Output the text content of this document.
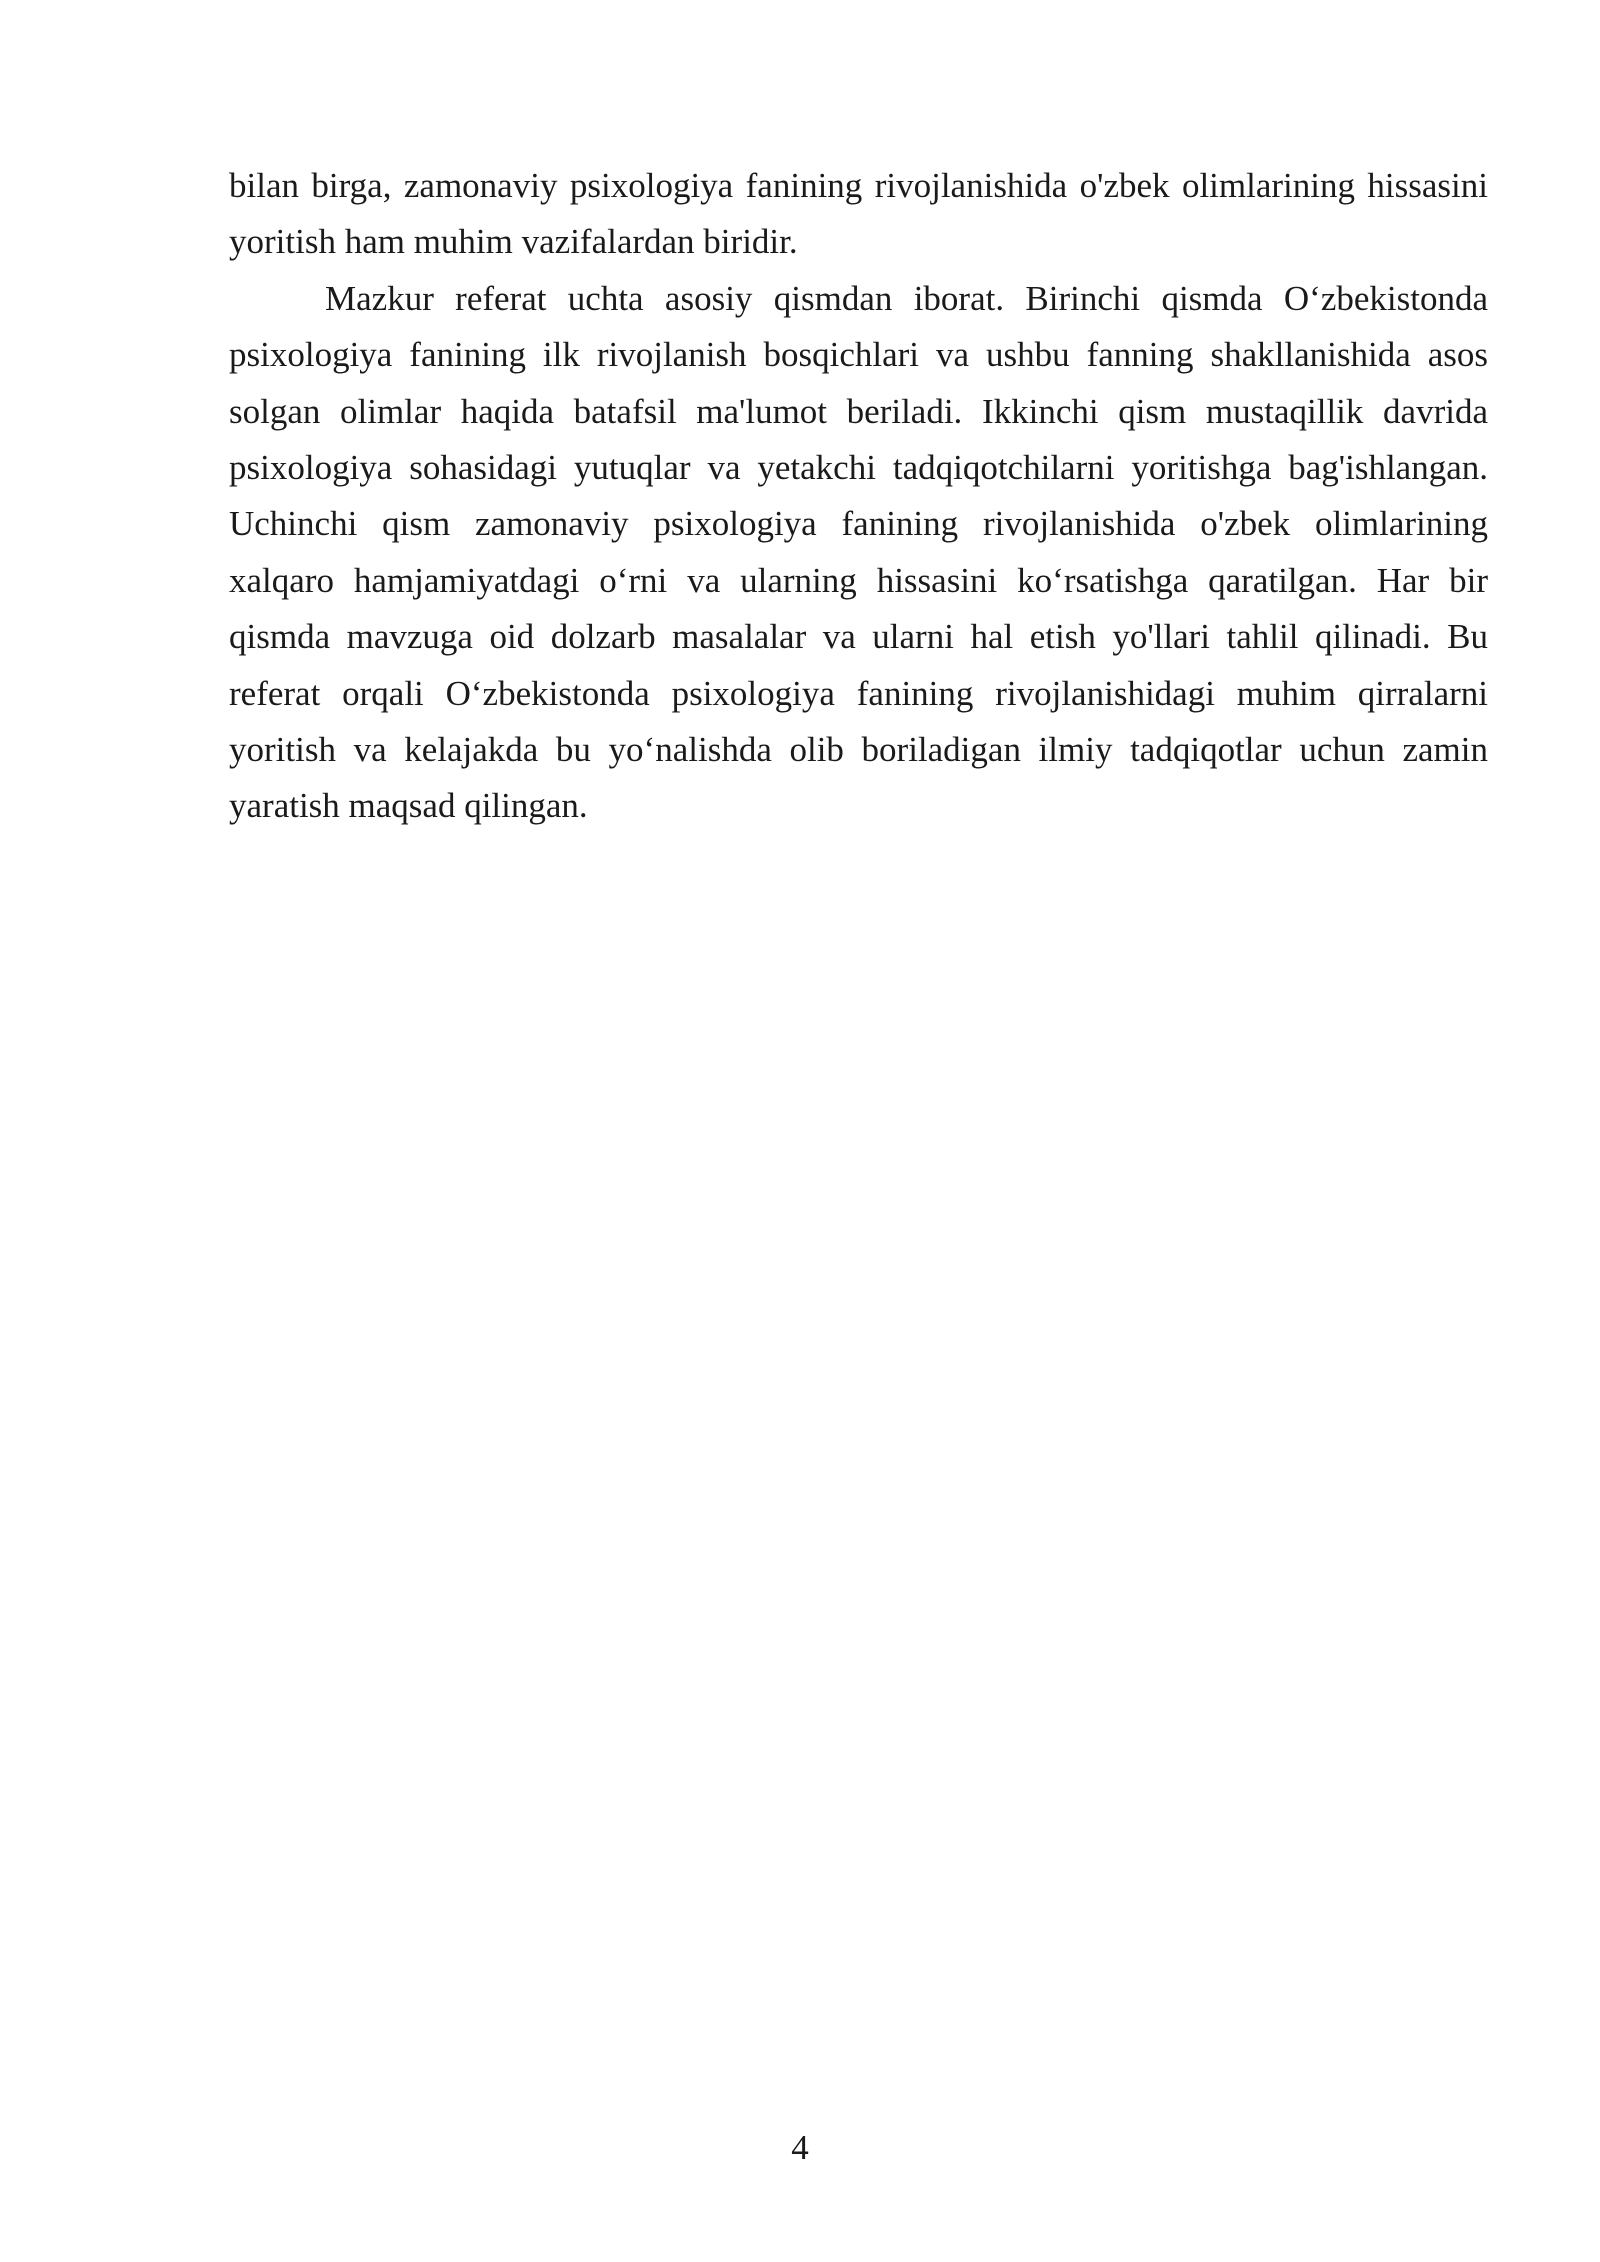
bilan birga, zamonaviy psixologiya fanining rivojlanishida o'zbek olimlarining hissasini yoritish ham muhim vazifalardan biridir.

Mazkur referat uchta asosiy qismdan iborat. Birinchi qismda O‘zbekistonda psixologiya fanining ilk rivojlanish bosqichlari va ushbu fanning shakllanishida asos solgan olimlar haqida batafsil ma'lumot beriladi. Ikkinchi qism mustaqillik davrida psixologiya sohasidagi yutuqlar va yetakchi tadqiqotchilarni yoritishga bag'ishlangan. Uchinchi qism zamonaviy psixologiya fanining rivojlanishida o'zbek olimlarining xalqaro hamjamiyatdagi o‘rni va ularning hissasini ko‘rsatishga qaratilgan. Har bir qismda mavzuga oid dolzarb masalalar va ularni hal etish yo'llari tahlil qilinadi. Bu referat orqali O‘zbekistonda psixologiya fanining rivojlanishidagi muhim qirralarni yoritish va kelajakda bu yo‘nalishda olib boriladigan ilmiy tadqiqotlar uchun zamin yaratish maqsad qilingan.

4
